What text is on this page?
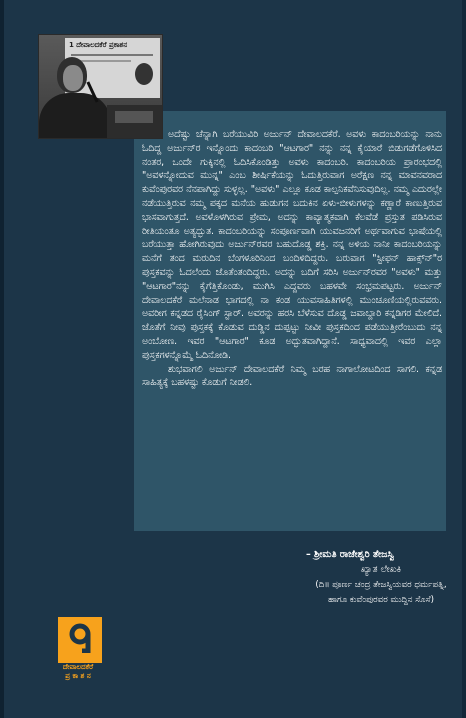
1 ದೇವಾಲದಕೆರೆ ಪ್ರಕಾಶನ

ಅದೆಷ್ಟು ಚೆನ್ನಾಗಿ ಬರೆಯುವಿರಿ ಅರ್ಜುನ್ ದೇವಾಲದಕೆರೆ. ಅವಳು ಕಾದಂಬರಿಯನ್ನು ನಾನು ಓದಿದ್ದ ಅರ್ಜುನ್‌ರ ಇನ್ನೊಂದು ಕಾದಂಬರಿ "ಆಟಗಾರ" ನನ್ನು ನನ್ನ ಕೈಯಾರೆ ಬಿಡುಗಡೆಗೊಳಿಸಿದ ನಂತರ, ಒಂದೇ ಗುಕ್ಕಿನಲ್ಲಿ ಓದಿಸಿಕೊಂಡಿತ್ತು ಅವಳು ಕಾದಂಬರಿ. ಕಾದಂಬರಿಯ ಪ್ರಾರಂಭದಲ್ಲಿ "ಅವಳನ್ನೋದುವ ಮುನ್ನ" ಎಂಬ ಶೀರ್ಷಿಕೆಯನ್ನು ಓದುತ್ತಿರುವಾಗ ಅರೆಕ್ಷಣ ನನ್ನ ಮಾವನವರಾದ ಕುವೆಂಪುರವರ ನೆನಪಾಗಿದ್ದು ಸುಳ್ಳಲ್ಲ. "ಅವಳು" ಎಲ್ಲೂ ಕೂಡ ಕಾಲ್ಪನಿಕವೆನಿಸುವುದಿಲ್ಲ. ನಮ್ಮ ಎದುರಲ್ಲೇ ನಡೆಯುತ್ತಿರುವ ನಮ್ಮ ಪಕ್ಕದ ಮನೆಯ ಹುಡುಗನ ಬದುಕಿನ ಏಳು-ಬೀಳುಗಳನ್ನು ಕಣ್ಣಾರೆ ಕಾಣುತ್ತಿರುವ ಭಾಸವಾಗುತ್ತದೆ. ಅವಳೊಳಗಿರುವ ಪ್ರೇಮ, ಅದನ್ನು ಕಾವ್ಯಾತ್ಮಕವಾಗಿ ಕೆಲವೆಡೆ ಪ್ರಸ್ತುತ ಪಡಿಸಿರುವ ರೀತಿಯಂತೂ ಅತ್ಯದ್ಭುತ. ಕಾದಂಬರಿಯನ್ನು ಸಂಪೂರ್ಣವಾಗಿ ಯುವಜನರಿಗೆ ಅರ್ಥವಾಗುವ ಭಾಷೆಯಲ್ಲಿ ಬರೆಯುತ್ತಾ ಹೋಗಿರುವುದು ಅರ್ಜುನ್‌ರವರ ಬಹುದೊಡ್ಡ ಶಕ್ತಿ. ನನ್ನ ಅಳಿಯ ನಾನೀ ಕಾದಂಬರಿಯನ್ನು ಮನೆಗೆ ತಂದ ಮರುದಿನ ಬೆಂಗಳೂರಿನಿಂದ ಬಂದಿಳಿದಿದ್ದರು. ಬರುವಾಗ "ಸ್ಟೀಫನ್ ಹಾಕ್ಸ್‌ನ್"ರ ಪುಸ್ತಕವನ್ನು ಓದಲೆಂದು ಜೊತೆಂತಂದಿದ್ದರು. ಅದನ್ನು ಬದಿಗೆ ಸರಿಸಿ ಅರ್ಜುನ್‌ರವರ "ಅವಳು" ಮತ್ತು "ಆಟಗಾರ"ನನ್ನು ಕೈಗೆತ್ತಿಕೊಂಡು, ಮುಗಿಸಿ ಎದ್ದವರು ಬಹಳವೇ ಸಂಭ್ರಮಪಟ್ಟರು. ಅರ್ಜುನ್ ದೇವಾಲದಕೆರೆ ಮಲೆನಾಡ ಭಾಗದಲ್ಲಿ ನಾ ಕಂಡ ಯುವಸಾಹಿತಿಗಳಲ್ಲಿ ಮುಂಚೂಣಿಯಲ್ಲಿರುವವರು. ಅವರೀಗ ಕನ್ನಡದ ರೈಸಿಂಗ್ ಸ್ಟಾರ್. ಅವರನ್ನು ಹರಸಿ ಬೆಳೆಸುವ ದೊಡ್ಡ ಜವಾಬ್ದಾರಿ ಕನ್ನಡಿಗರ ಮೇಲಿದೆ. ಜೊತೆಗೆ ನೀವು ಪುಸ್ತಕಕ್ಕೆ ಕೊಡುವ ದುಡ್ಡಿನ ದುಪ್ಪಟ್ಟು ನೀವೀ ಪುಸ್ತಕದಿಂದ ಪಡೆಯುತ್ತೀರೆಂಬುದು ನನ್ನ ಅಂಬೋಣ. ಇವರ "ಆಟಗಾರ" ಕೂಡ ಅದ್ಭುತವಾಗಿದ್ದಾನೆ. ಸಾಧ್ಯವಾದಲ್ಲಿ ಇವರ ಎಲ್ಲಾ ಪುಸ್ತಕಗಳನ್ನೊಮ್ಮೆ ಓದಿನೋಡಿ.

ಶುಭವಾಗಲಿ ಅರ್ಜುನ್ ದೇವಾಲದಕೆರೆ ನಿಮ್ಮ ಬರಹ ನಾಗಾಲೋಟದಿಂದ ಸಾಗಲಿ. ಕನ್ನಡ ಸಾಹಿತ್ಯಕ್ಕೆ ಬಹಳಷ್ಟು ಕೊಡುಗೆ ನೀಡಲಿ.

– ಶ್ರೀಮತಿ ರಾಜೇಶ್ವರಿ ತೇಜಸ್ವಿ
ಖ್ಯಾತ ಲೇಖಕಿ
(ದಿ॥ ಪೂರ್ಣ ಚಂದ್ರ ತೇಜಸ್ವಿಯವರ ಧರ್ಮಪತ್ನಿ,
ಹಾಗೂ ಕುವೆಂಪುರವರ ಮುದ್ದಿನ ಸೊಸೆ)
ದೇವಾಲದಕೆರೆ
ಪ್ರ ಕಾ ಶ ನ
